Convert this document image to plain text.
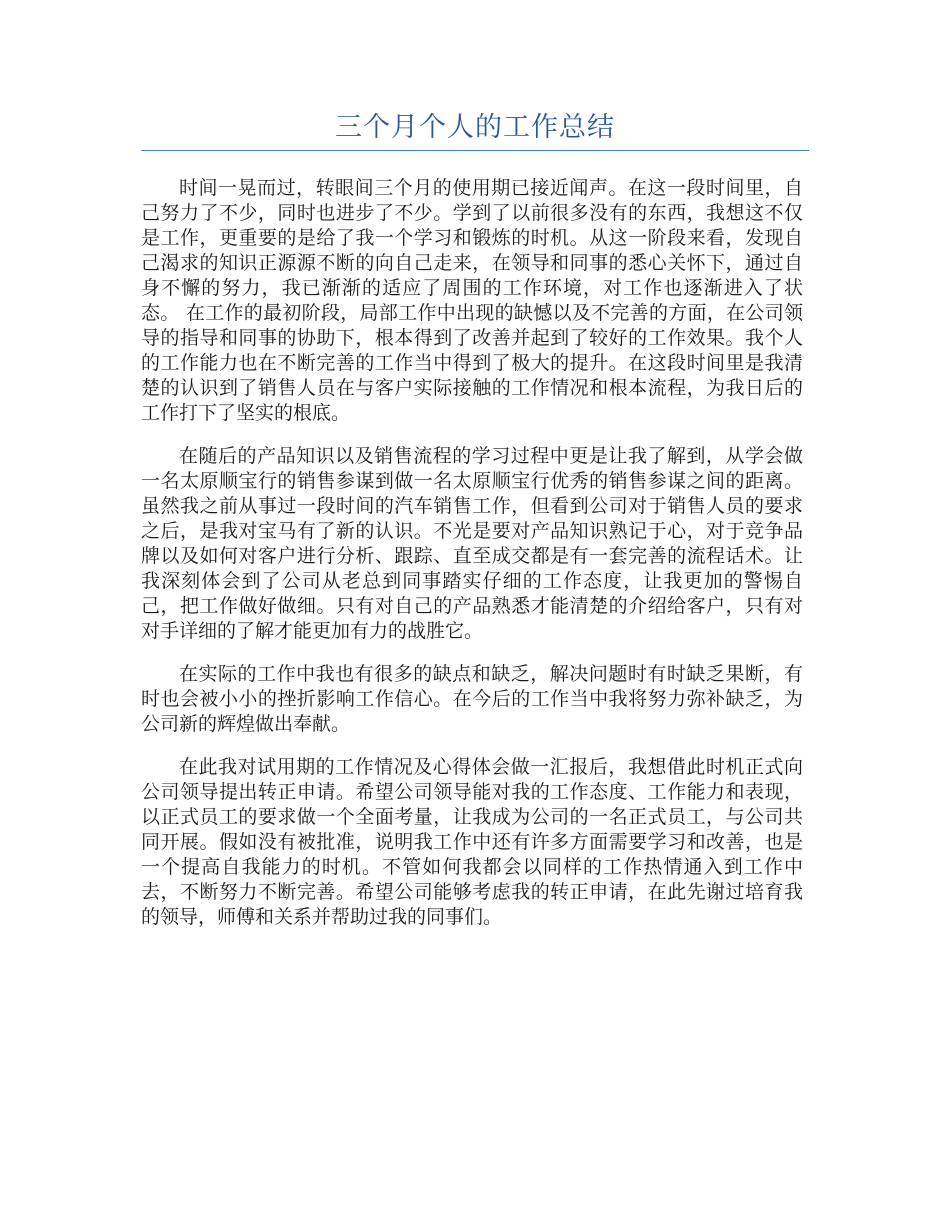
三个月个人的工作总结

时间一晃而过，转眼间三个月的使用期已接近闻声。在这一段时间里，自己努力了不少，同时也进步了不少。学到了以前很多没有的东西，我想这不仅是工作，更重要的是给了我一个学习和锻炼的时机。从这一阶段来看，发现自己渴求的知识正源源不断的向自己走来，在领导和同事的悉心关怀下，通过自身不懈的努力，我已渐渐的适应了周围的工作环境，对工作也逐渐进入了状态。 在工作的最初阶段，局部工作中出现的缺憾以及不完善的方面，在公司领导的指导和同事的协助下，根本得到了改善并起到了较好的工作效果。我个人的工作能力也在不断完善的工作当中得到了极大的提升。在这段时间里是我清楚的认识到了销售人员在与客户实际接触的工作情况和根本流程，为我日后的工作打下了坚实的根底。

在随后的产品知识以及销售流程的学习过程中更是让我了解到，从学会做一名太原顺宝行的销售参谋到做一名太原顺宝行优秀的销售参谋之间的距离。虽然我之前从事过一段时间的汽车销售工作，但看到公司对于销售人员的要求之后，是我对宝马有了新的认识。不光是要对产品知识熟记于心，对于竞争品牌以及如何对客户进行分析、跟踪、直至成交都是有一套完善的流程话术。让我深刻体会到了公司从老总到同事踏实仔细的工作态度，让我更加的警惕自己，把工作做好做细。只有对自己的产品熟悉才能清楚的介绍给客户，只有对对手详细的了解才能更加有力的战胜它。

在实际的工作中我也有很多的缺点和缺乏，解决问题时有时缺乏果断，有时也会被小小的挫折影响工作信心。在今后的工作当中我将努力弥补缺乏，为公司新的辉煌做出奉献。

在此我对试用期的工作情况及心得体会做一汇报后，我想借此时机正式向公司领导提出转正申请。希望公司领导能对我的工作态度、工作能力和表现，以正式员工的要求做一个全面考量，让我成为公司的一名正式员工，与公司共同开展。假如没有被批准，说明我工作中还有许多方面需要学习和改善，也是一个提高自我能力的时机。不管如何我都会以同样的工作热情通入到工作中去，不断努力不断完善。希望公司能够考虑我的转正申请，在此先谢过培育我的领导，师傅和关系并帮助过我的同事们。
